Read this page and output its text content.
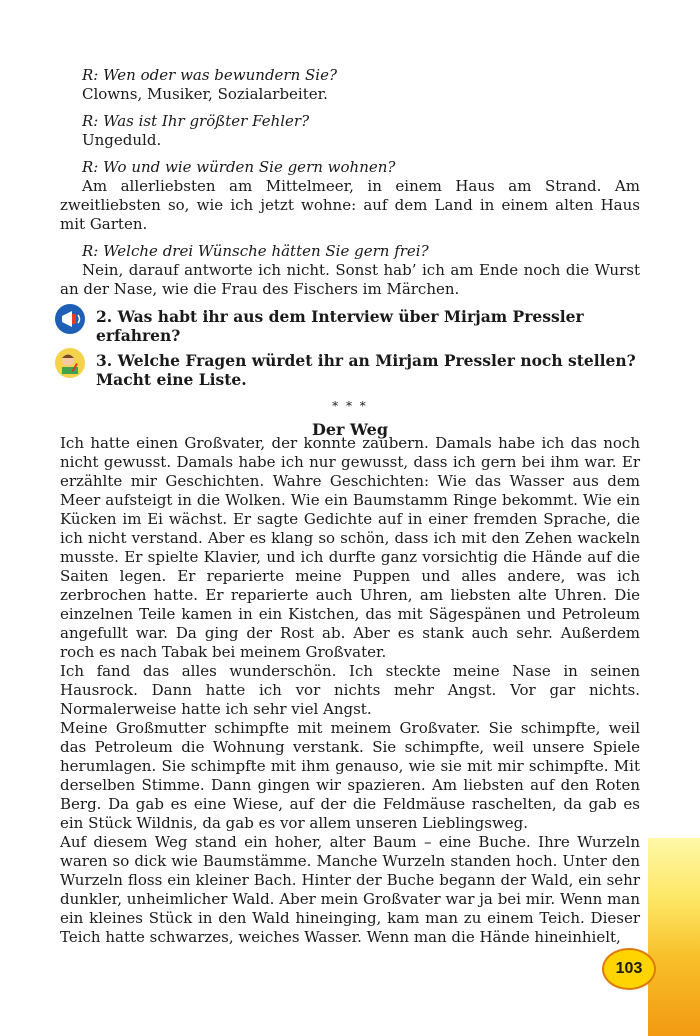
103

R: Wen oder was bewundern Sie?

Clowns, Musiker, Sozialarbeiter.

R: Was ist Ihr größter Fehler?

Ungeduld.

R: Wo und wie würden Sie gern wohnen?

Am allerliebsten am Mittelmeer, in einem Haus am Strand. Am zweitliebsten so, wie ich jetzt wohne: auf dem Land in einem alten Haus mit Garten.

R: Welche drei Wünsche hätten Sie gern frei?

Nein, darauf antworte ich nicht. Sonst hab’ ich am Ende noch die Wurst an der Nase, wie die Frau des Fischers im Märchen.

2. Was habt ihr aus dem Interview über Mirjam Pressler erfahren?
3. Welche Fragen würdet ihr an Mirjam Pressler noch stellen? Macht eine Liste.
* * *
Der Weg

Ich hatte einen Großvater, der konnte zaubern. Damals habe ich das noch nicht gewusst. Damals habe ich nur gewusst, dass ich gern bei ihm war. Er erzählte mir Geschichten. Wahre Geschichten: Wie das Wasser aus dem Meer aufsteigt in die Wolken. Wie ein Baumstamm Ringe bekommt. Wie ein Kücken im Ei wächst. Er sagte Gedichte auf in einer fremden Sprache, die ich nicht verstand. Aber es klang so schön, dass ich mit den Zehen wackeln musste. Er spielte Klavier, und ich durfte ganz vorsichtig die Hände auf die Saiten legen. Er reparierte meine Puppen und alles andere, was ich zerbrochen hatte. Er reparierte auch Uhren, am liebsten alte Uhren. Die einzelnen Teile kamen in ein Kistchen, das mit Sägespänen und Petroleum angefullt war. Da ging der Rost ab. Aber es stank auch sehr. Außerdem roch es nach Tabak bei meinem Großvater.

Ich fand das alles wunderschön. Ich steckte meine Nase in seinen Hausrock. Dann hatte ich vor nichts mehr Angst. Vor gar nichts. Normalerweise hatte ich sehr viel Angst.

Meine Großmutter schimpfte mit meinem Großvater. Sie schimpfte, weil das Petroleum die Wohnung verstank. Sie schimpfte, weil unsere Spiele herumlagen. Sie schimpfte mit ihm genauso, wie sie mit mir schimpfte. Mit derselben Stimme. Dann gingen wir spazieren. Am liebsten auf den Roten Berg. Da gab es eine Wiese, auf der die Feldmäuse raschelten, da gab es ein Stück Wildnis, da gab es vor allem unseren Lieblingsweg.

Auf diesem Weg stand ein hoher, alter Baum – eine Buche. Ihre Wurzeln waren so dick wie Baumstämme. Manche Wurzeln standen hoch. Unter den Wurzeln floss ein kleiner Bach. Hinter der Buche begann der Wald, ein sehr dunkler, unheimlicher Wald. Aber mein Großvater war ja bei mir. Wenn man ein kleines Stück in den Wald hineinging, kam man zu einem Teich. Dieser Teich hatte schwarzes, weiches Wasser. Wenn man die Hände hineinhielt,
